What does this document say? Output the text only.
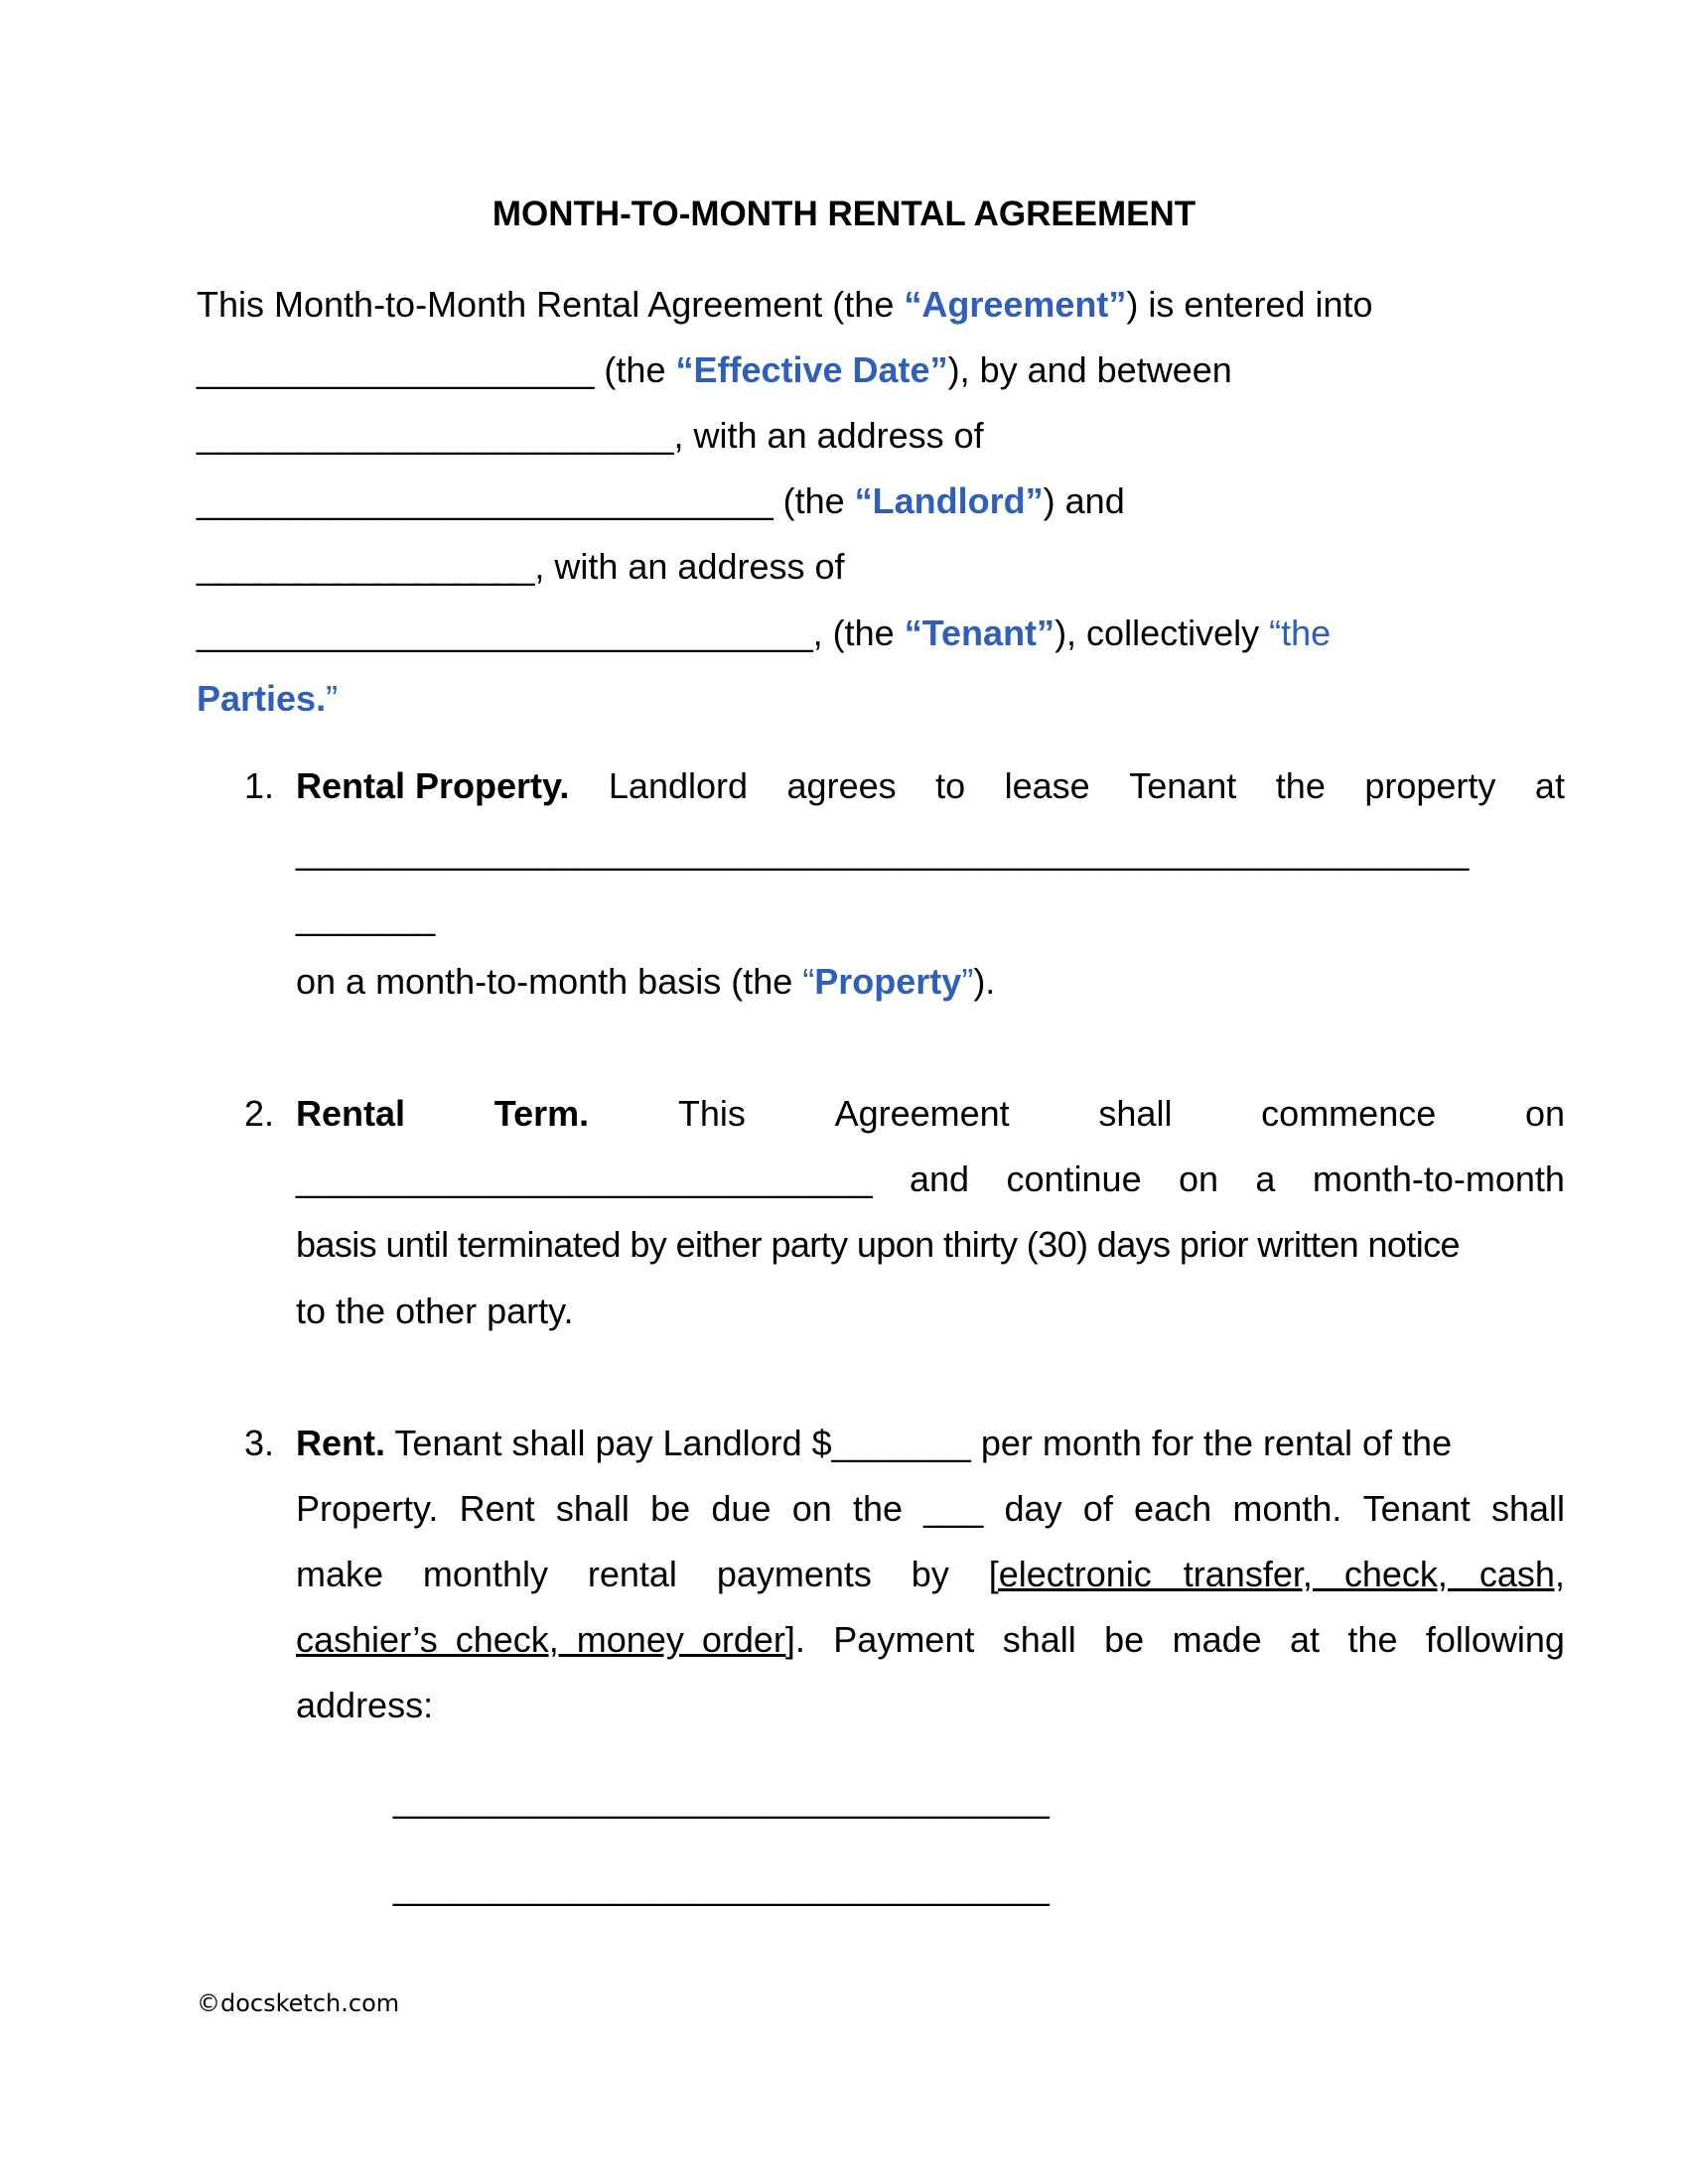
MONTH-TO-MONTH RENTAL AGREEMENT
This Month-to-Month Rental Agreement (the “Agreement”) is entered into
____________________ (the “Effective Date”), by and between
________________________, with an address of
_____________________________ (the “Landlord”) and
_________________, with an address of
_______________________________, (the “Tenant”), collectively “the
Parties.”
1. Rental Property. Landlord agrees to lease Tenant the property at
___________________________________________________________
_______
on a month-to-month basis (the “Property”).
2. Rental Term. This Agreement shall commence on
_____________________________ and continue on a month-to-month
basis until terminated by either party upon thirty (30) days prior written notice
to the other party.
3. Rent. Tenant shall pay Landlord $_______ per month for the rental of the
Property. Rent shall be due on the ___ day of each month. Tenant shall
make monthly rental payments by [electronic transfer, check, cash,
cashier’s check, money order]. Payment shall be made at the following
address:
_________________________________
_________________________________
©docsketch.com
